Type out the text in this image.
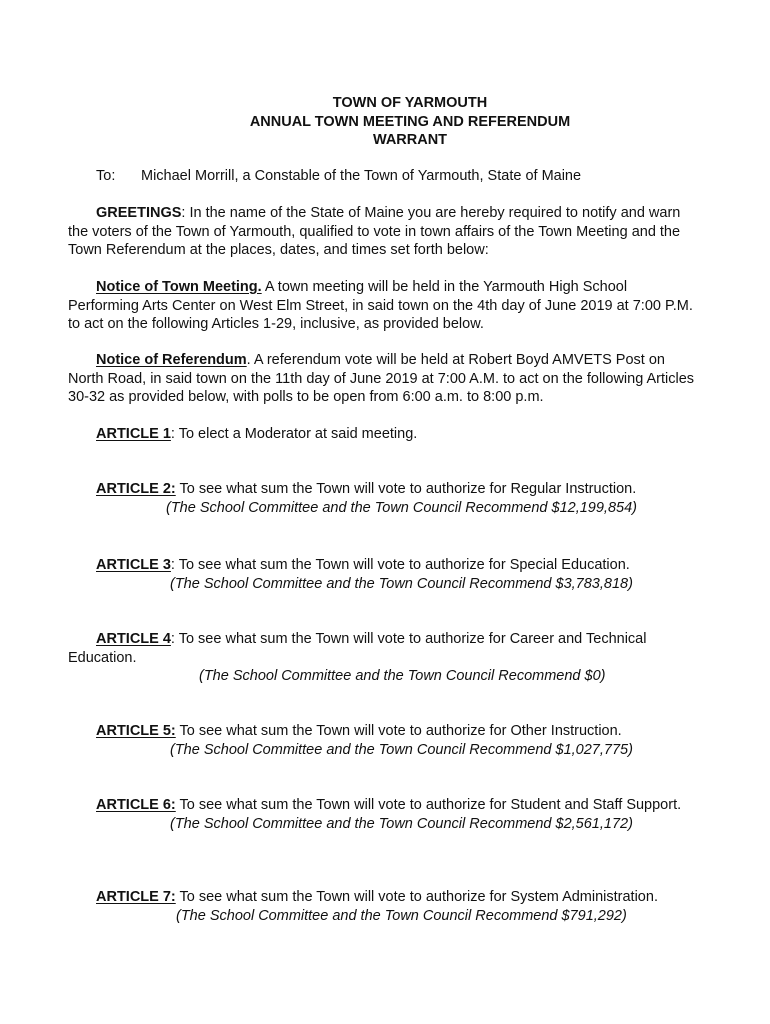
TOWN OF YARMOUTH
ANNUAL TOWN MEETING AND REFERENDUM
WARRANT
To: Michael Morrill, a Constable of the Town of Yarmouth, State of Maine
GREETINGS: In the name of the State of Maine you are hereby required to notify and warn
the voters of the Town of Yarmouth, qualified to vote in town affairs of the Town Meeting and the
Town Referendum at the places, dates, and times set forth below:
Notice of Town Meeting. A town meeting will be held in the Yarmouth High School
Performing Arts Center on West Elm Street, in said town on the 4th day of June 2019 at 7:00 P.M.
to act on the following Articles 1-29, inclusive, as provided below.
Notice of Referendum. A referendum vote will be held at Robert Boyd AMVETS Post on
North Road, in said town on the 11th day of June 2019 at 7:00 A.M. to act on the following Articles
30-32 as provided below, with polls to be open from 6:00 a.m. to 8:00 p.m.
ARTICLE 1: To elect a Moderator at said meeting.
ARTICLE 2: To see what sum the Town will vote to authorize for Regular Instruction.
(The School Committee and the Town Council Recommend $12,199,854)
ARTICLE 3: To see what sum the Town will vote to authorize for Special Education.
(The School Committee and the Town Council Recommend $3,783,818)
ARTICLE 4: To see what sum the Town will vote to authorize for Career and Technical
Education.
(The School Committee and the Town Council Recommend $0)
ARTICLE 5: To see what sum the Town will vote to authorize for Other Instruction.
(The School Committee and the Town Council Recommend $1,027,775)
ARTICLE 6: To see what sum the Town will vote to authorize for Student and Staff Support.
(The School Committee and the Town Council Recommend $2,561,172)
ARTICLE 7: To see what sum the Town will vote to authorize for System Administration.
(The School Committee and the Town Council Recommend $791,292)
